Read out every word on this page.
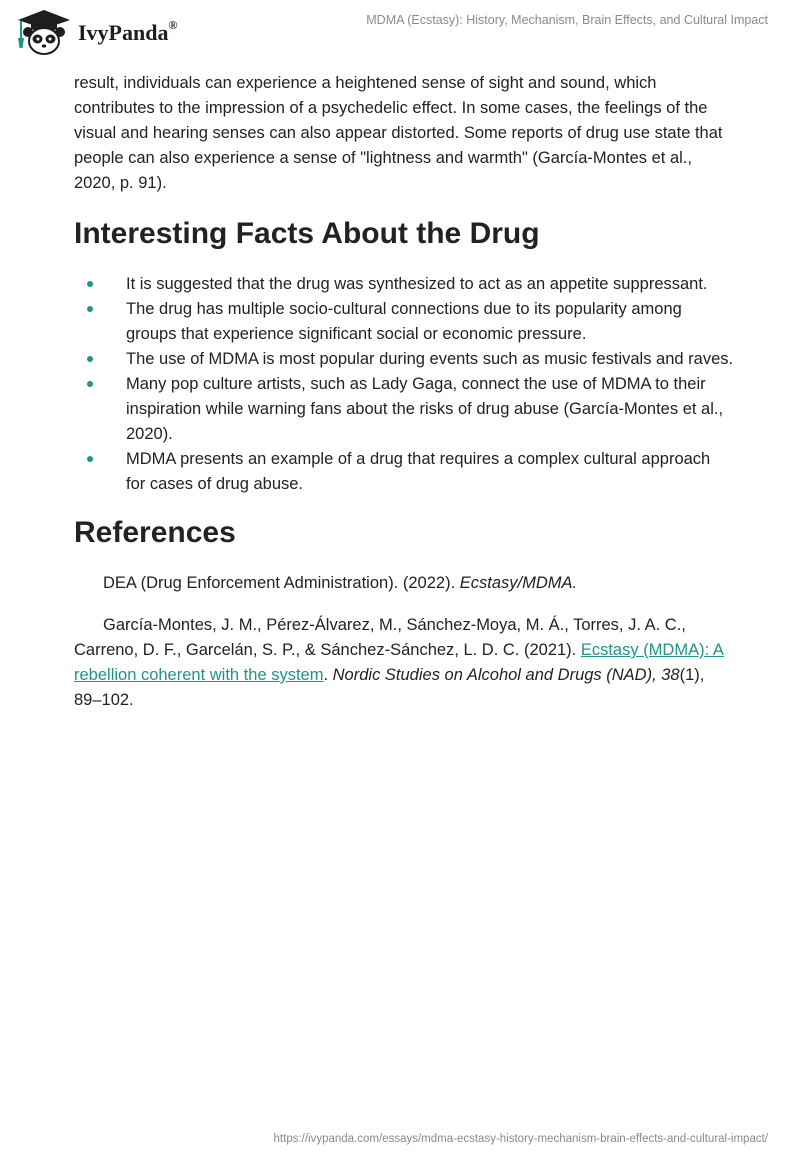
IvyPanda®	MDMA (Ecstasy): History, Mechanism, Brain Effects, and Cultural Impact

result, individuals can experience a heightened sense of sight and sound, which contributes to the impression of a psychedelic effect. In some cases, the feelings of the visual and hearing senses can also appear distorted. Some reports of drug use state that people can also experience a sense of "lightness and warmth" (García-Montes et al., 2020, p. 91).

Interesting Facts About the Drug
It is suggested that the drug was synthesized to act as an appetite suppressant.
The drug has multiple socio-cultural connections due to its popularity among groups that experience significant social or economic pressure.
The use of MDMA is most popular during events such as music festivals and raves.
Many pop culture artists, such as Lady Gaga, connect the use of MDMA to their inspiration while warning fans about the risks of drug abuse (García-Montes et al., 2020).
MDMA presents an example of a drug that requires a complex cultural approach for cases of drug abuse.
References

DEA (Drug Enforcement Administration). (2022). Ecstasy/MDMA.

García-Montes, J. M., Pérez-Álvarez, M., Sánchez-Moya, M. Á., Torres, J. A. C., Carreno, D. F., Garcelán, S. P., & Sánchez-Sánchez, L. D. C. (2021). Ecstasy (MDMA): A rebellion coherent with the system. Nordic Studies on Alcohol and Drugs (NAD), 38(1), 89–102.

https://ivypanda.com/essays/mdma-ecstasy-history-mechanism-brain-effects-and-cultural-impact/
